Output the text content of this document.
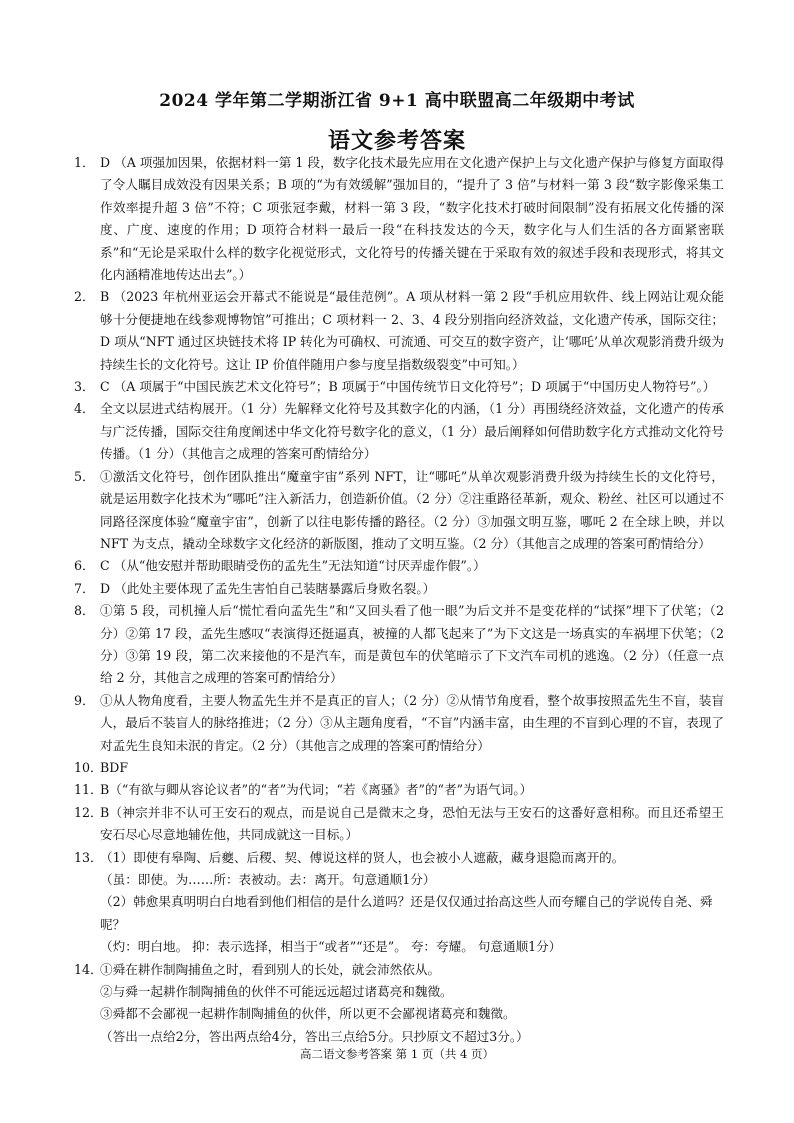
2024 学年第二学期浙江省 9+1 高中联盟高二年级期中考试
语文参考答案
1． D （A 项强加因果，依据材料一第 1 段，数字化技术最先应用在文化遗产保护上与文化遗产保护与修复方面取得了令人瞩目成效没有因果关系；B 项的“为有效缓解”强加目的，“提升了 3 倍”与材料一第 3 段“数字影像采集工作效率提升超 3 倍”不符；C 项张冠李戴，材料一第 3 段，“数字化技术打破时间限制”没有拓展文化传播的深度、广度、速度的作用；D 项符合材料一最后一段“在科技发达的今天，数字化与人们生活的各方面紧密联系”和“无论是采取什么样的数字化视觉形式，文化符号的传播关键在于采取有效的叙述手段和表现形式，将其文化内涵精准地传达出去”。）
2． B （2023 年杭州亚运会开幕式不能说是“最佳范例”。A 项从材料一第 2 段“手机应用软件、线上网站让观众能够十分便捷地在线参观博物馆”可推出；C 项材料一 2、3、4 段分别指向经济效益，文化遗产传承，国际交往；D 项从“NFT 通过区块链技术将 IP 转化为可确权、可流通、可交互的数字资产，让‘哪吒’从单次观影消费升级为持续生长的文化符号。这让 IP 价值伴随用户参与度呈指数级裂变”中可知。）
3． C （A 项属于“中国民族艺术文化符号”；B 项属于“中国传统节日文化符号”；D 项属于“中国历史人物符号”。）
4． 全文以层进式结构展开。（1 分）先解释文化符号及其数字化的内涵，（1 分）再围绕经济效益，文化遗产的传承与广泛传播，国际交往角度阐述中华文化符号数字化的意义，（1 分）最后阐释如何借助数字化方式推动文化符号传播。（1 分）（其他言之成理的答案可酌情给分）
5． ①激活文化符号，创作团队推出“魔童宇宙”系列 NFT，让“哪吒”从单次观影消费升级为持续生长的文化符号，就是运用数字化技术为“哪吒”注入新活力，创造新价值。（2 分）②注重路径革新，观众、粉丝、社区可以通过不同路径深度体验“魔童宇宙”，创新了以往电影传播的路径。（2 分）③加强文明互鉴，哪吒 2 在全球上映，并以 NFT 为支点，撬动全球数字文化经济的新版图，推动了文明互鉴。（2 分）（其他言之成理的答案可酌情给分）
6． C （从“他安慰并帮助眼睛受伤的孟先生”无法知道“讨厌弄虚作假”。）
7． D （此处主要体现了孟先生害怕自己装瞎暴露后身败名裂。）
8． ①第 5 段，司机撞人后“慌忙看向孟先生”和“又回头看了他一眼”为后文并不是变花样的“试探”埋下了伏笔；（2 分）②第 17 段，孟先生感叹“表演得还挺逼真，被撞的人都飞起来了”为下文这是一场真实的车祸埋下伏笔；（2 分）③第 19 段，第二次来接他的不是汽车，而是黄包车的伏笔暗示了下文汽车司机的逃逸。（2 分）（任意一点给 2 分，其他言之成理的答案可酌情给分）
9． ①从人物角度看，主要人物孟先生并不是真正的盲人；（2 分）②从情节角度看，整个故事按照孟先生不盲，装盲人，最后不装盲人的脉络推进；（2 分）③从主题角度看，“不盲”内涵丰富，由生理的不盲到心理的不盲，表现了对孟先生良知未泯的肯定。（2 分）（其他言之成理的答案可酌情给分）
10．
BDF
11．
B（“有欲与卿从容论议者”的“者”为代词；“若《离骚》者”的“者”为语气词。）
12．
B（神宗并非不认可王安石的观点，而是说自己是微末之身，恐怕无法与王安石的这番好意相称。而且还希望王安石尽心尽意地辅佐他，共同成就这一目标。）
13．
（1）即使有皋陶、后夔、后稷、契、傅说这样的贤人，也会被小人遮蔽，藏身退隐而离开的。
（虽：即使。为……所：表被动。去：离开。句意通顺1分）
（2）韩愈果真明明白白地看到他们相信的是什么道吗？还是仅仅通过抬高这些人而夸耀自己的学说传自尧、舜呢？
（灼：明白地。 抑：表示选择，相当于“或者”“还是”。 夸：夸耀。 句意通顺1分）
14．
①舜在耕作制陶捕鱼之时，看到别人的长处，就会沛然依从。
②与舜一起耕作制陶捕鱼的伙伴不可能远远超过诸葛亮和魏徵。
③舜都不会鄙视一起耕作制陶捕鱼的伙伴，所以更不会鄙视诸葛亮和魏徵。
（答出一点给2分，答出两点给4分，答出三点给5分。只抄原文不超过3分。）
高二语文参考答案 第 1 页（共 4 页）
